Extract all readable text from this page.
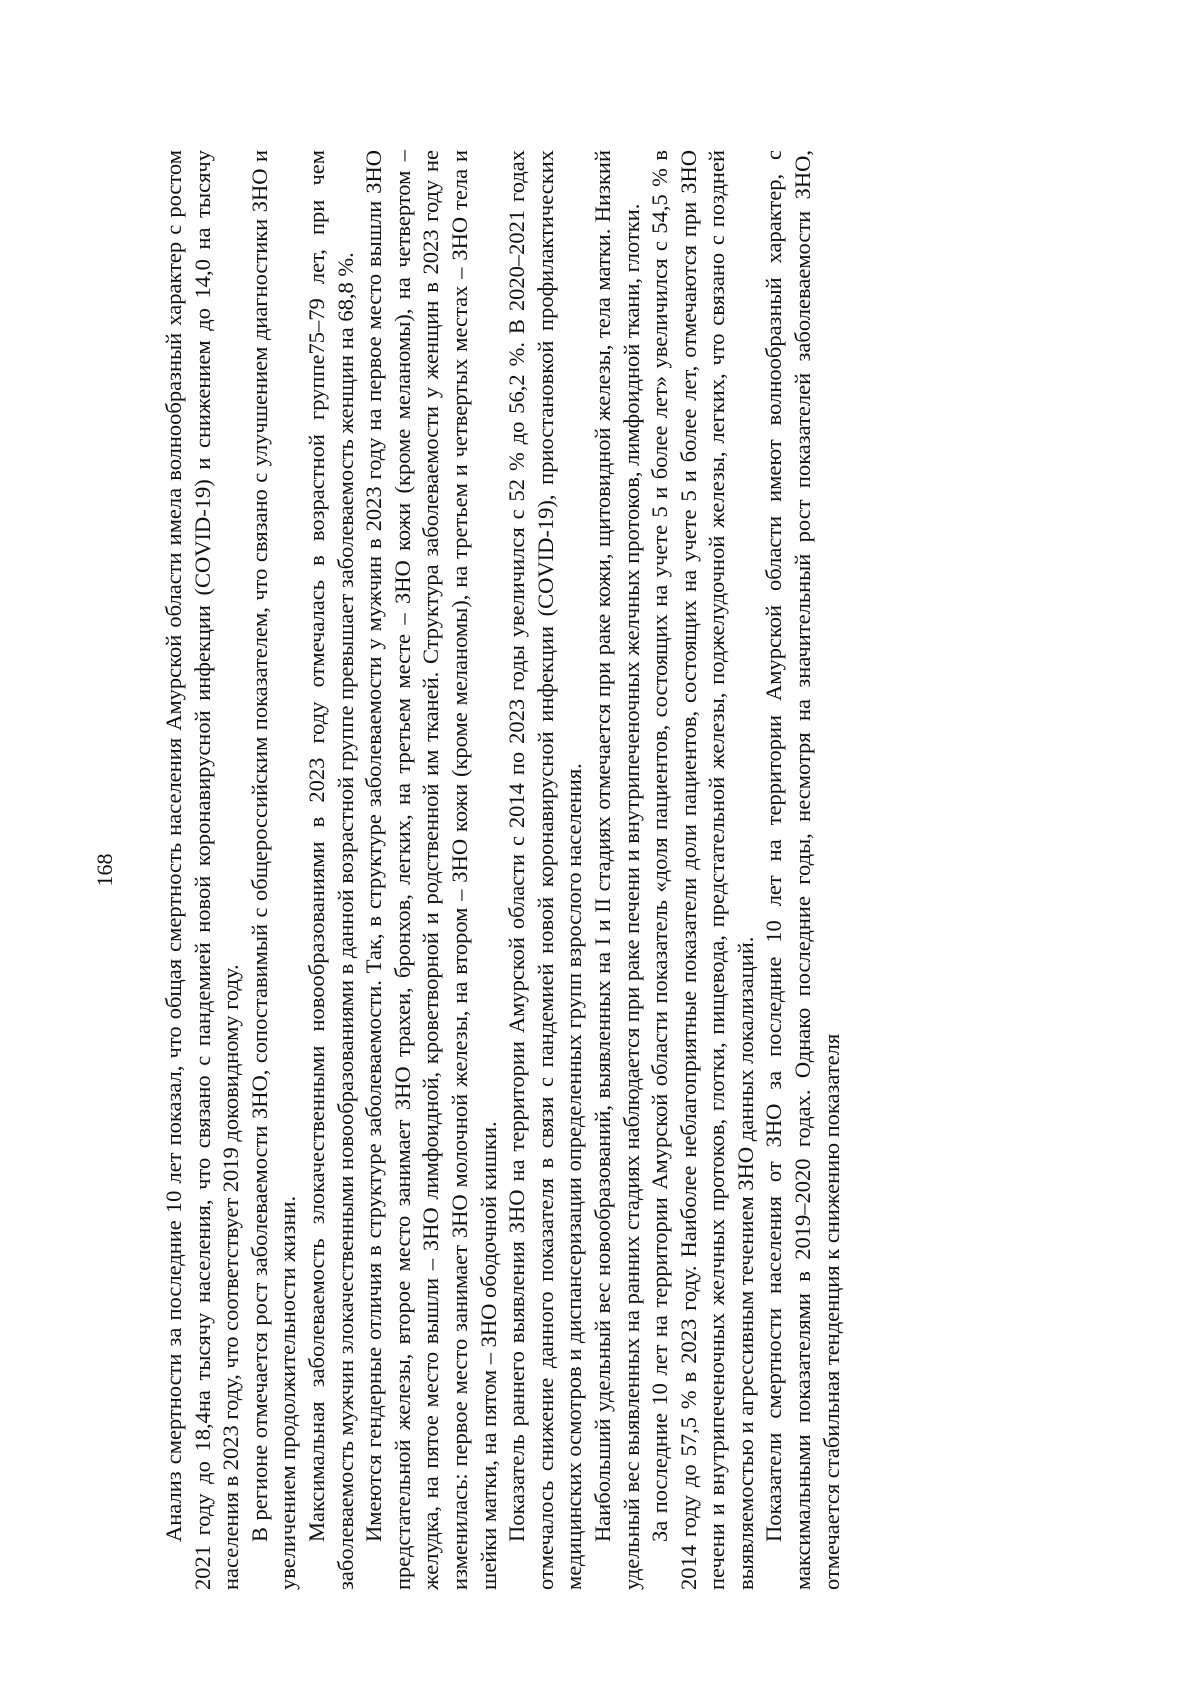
168 Анализ смертности за последние 10 лет показал, что общая смертность населения Амурской области имела волнообразный характер с ростом 2021 году до 18,4на тысячу населения, что связано с пандемией новой коронавирусной инфекции (COVID-19) и снижением до 14,0 на тысячу населения в 2023 году, что соответствует 2019 доковидному году. В регионе отмечается рост заболеваемости ЗНО, сопоставимый с общероссийским показателем, что связано с улучшением диагностики ЗНО и увеличением продолжительности жизни. Максимальная заболеваемость злокачественными новообразованиями в 2023 году отмечалась в возрастной группе75–79 лет, при чем заболеваемость мужчин злокачественными новообразованиями в данной возрастной группе превышает заболеваемость женщин на 68,8 %. Имеются гендерные отличия в структуре заболеваемости. Так, в структуре заболеваемости у мужчин в 2023 году на первое место вышли ЗНО предстательной железы, второе место занимает ЗНО трахеи, бронхов, легких, на третьем месте – ЗНО кожи (кроме меланомы), на четвертом – желудка, на пятое место вышли – ЗНО лимфоидной, кроветворной и родственной им тканей. Структура заболеваемости у женщин в 2023 году не изменилась: первое место занимает ЗНО молочной железы, на втором – ЗНО кожи (кроме меланомы), на третьем и четвертых местах – ЗНО тела и шейки матки, на пятом – ЗНО ободочной кишки. Показатель раннего выявления ЗНО на территории Амурской области с 2014 по 2023 годы увеличился с 52 % до 56,2 %. В 2020–2021 годах отмечалось снижение данного показателя в связи с пандемией новой коронавирусной инфекции (COVID-19), приостановкой профилактических медицинских осмотров и диспансеризации определенных групп взрослого населения. Наибольший удельный вес новообразований, выявленных на I и II стадиях отмечается при раке кожи, щитовидной железы, тела матки. Низкий удельный вес выявленных на ранних стадиях наблюдается при раке печени и внутрипеченочных желчных протоков, лимфоидной ткани, глотки. За последние 10 лет на территории Амурской области показатель «доля пациентов, состоящих на учете 5 и более лет» увеличился с 54,5 % в 2014 году до 57,5 % в 2023 году. Наиболее неблагоприятные показатели доли пациентов, состоящих на учете 5 и более лет, отмечаются при ЗНО печени и внутрипеченочных желчных протоков, глотки, пищевода, предстательной железы, поджелудочной железы, легких, что связано с поздней выявляемостью и агрессивным течением ЗНО данных локализаций. Показатели смертности населения от ЗНО за последние 10 лет на территории Амурской области имеют волнообразный характер, с максимальными показателями в 2019–2020 годах. Однако последние годы, несмотря на значительный рост показателей заболеваемости ЗНО, отмечается стабильная тенденция к снижению показателя
